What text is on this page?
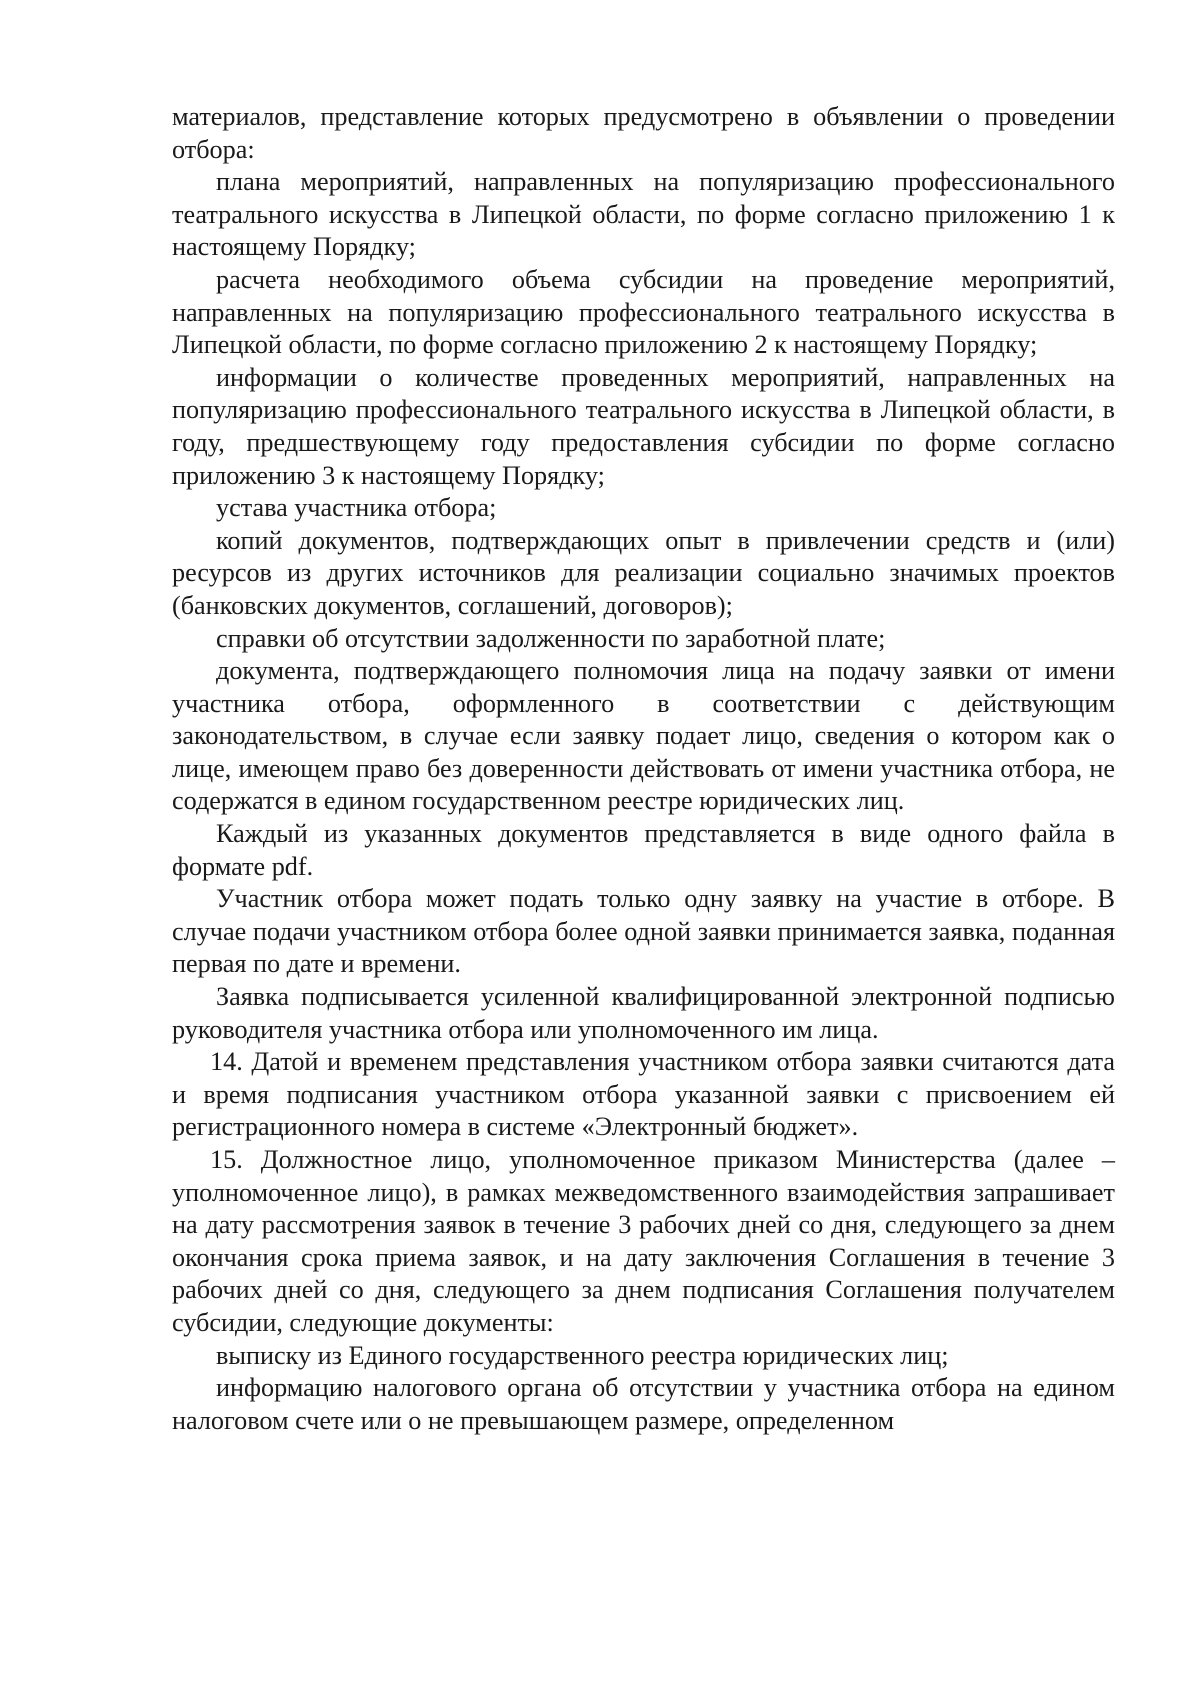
материалов, представление которых предусмотрено в объявлении о проведении отбора:

плана мероприятий, направленных на популяризацию профессионального театрального искусства в Липецкой области, по форме согласно приложению 1 к настоящему Порядку;

расчета необходимого объема субсидии на проведение мероприятий, направленных на популяризацию профессионального театрального искусства в Липецкой области, по форме согласно приложению 2 к настоящему Порядку;

информации о количестве проведенных мероприятий, направленных на популяризацию профессионального театрального искусства в Липецкой области, в году, предшествующему году предоставления субсидии по форме согласно приложению 3 к настоящему Порядку;

устава участника отбора;

копий документов, подтверждающих опыт в привлечении средств и (или) ресурсов из других источников для реализации социально значимых проектов (банковских документов, соглашений, договоров);

справки об отсутствии задолженности по заработной плате;

документа, подтверждающего полномочия лица на подачу заявки от имени участника отбора, оформленного в соответствии с действующим законодательством, в случае если заявку подает лицо, сведения о котором как о лице, имеющем право без доверенности действовать от имени участника отбора, не содержатся в едином государственном реестре юридических лиц.

Каждый из указанных документов представляется в виде одного файла в формате pdf.

Участник отбора может подать только одну заявку на участие в отборе. В случае подачи участником отбора более одной заявки принимается заявка, поданная первая по дате и времени.

Заявка подписывается усиленной квалифицированной электронной подписью руководителя участника отбора или уполномоченного им лица.

14. Датой и временем представления участником отбора заявки считаются дата и время подписания участником отбора указанной заявки с присвоением ей регистрационного номера в системе «Электронный бюджет».

15. Должностное лицо, уполномоченное приказом Министерства (далее – уполномоченное лицо), в рамках межведомственного взаимодействия запрашивает на дату рассмотрения заявок в течение 3 рабочих дней со дня, следующего за днем окончания срока приема заявок, и на дату заключения Соглашения в течение 3 рабочих дней со дня, следующего за днем подписания Соглашения получателем субсидии, следующие документы:

выписку из Единого государственного реестра юридических лиц;

информацию налогового органа об отсутствии у участника отбора на едином налоговом счете или о не превышающем размере, определенном
